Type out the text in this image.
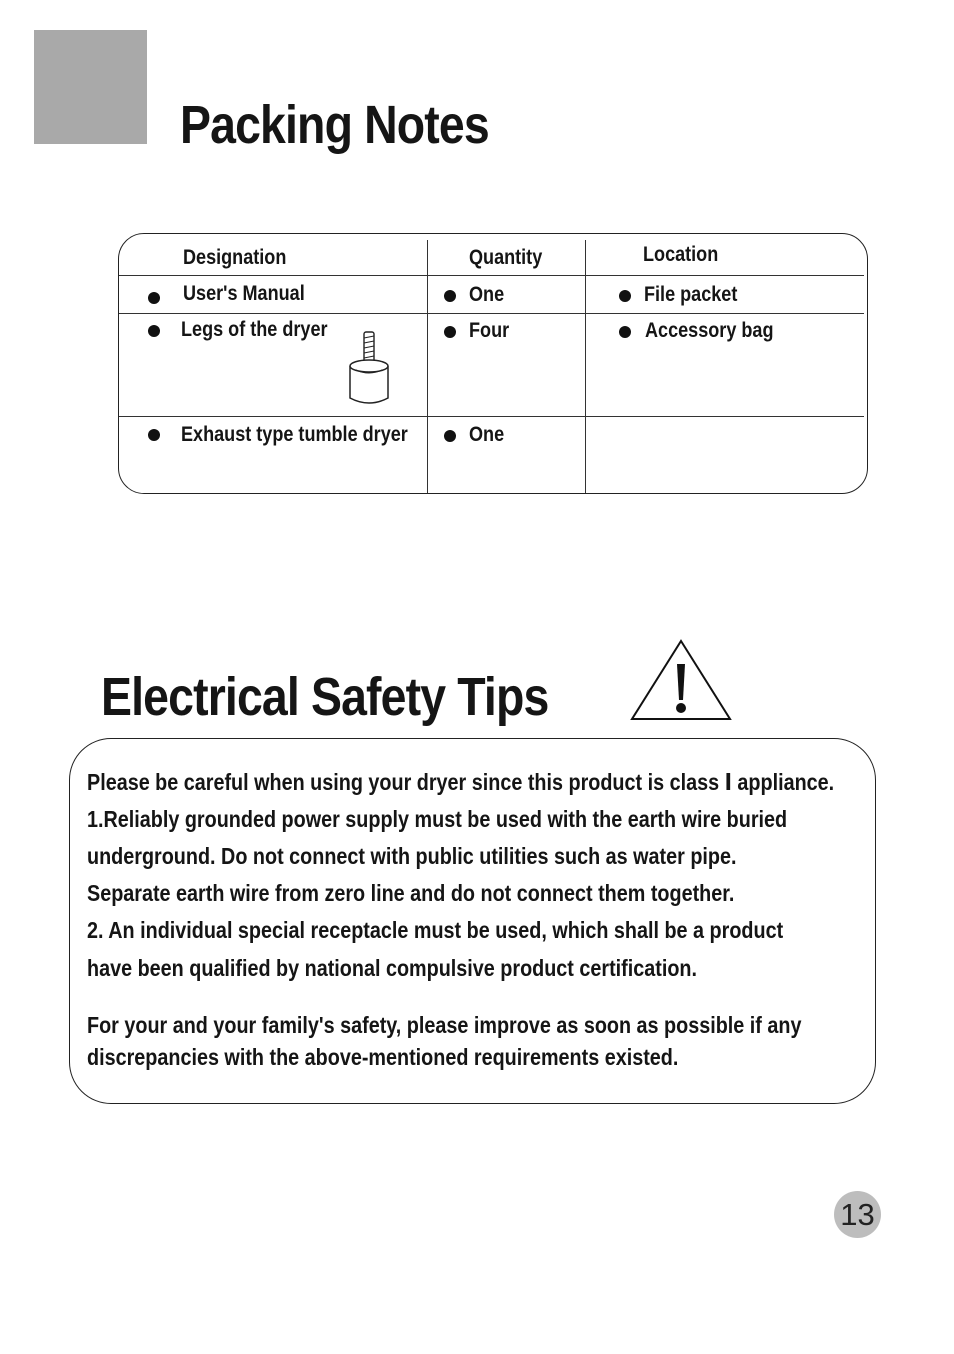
Packing Notes
Designation	Quantity	Location
User's Manual	One	File packet
Legs of the dryer	Four	Accessory bag
Exhaust type tumble dryer	One
Electrical Safety Tips

Please be careful when using your dryer since this product is class Ⅰ appliance.

1.Reliably grounded power supply must be used with the earth wire buried

underground. Do not connect with public utilities such as water pipe.

Separate earth wire from zero line and do not connect them together.

2. An individual special receptacle must be used, which shall be a product

have been qualified by national compulsive product certification.

For your and your family's safety, please improve as soon as possible if any

discrepancies with the above-mentioned requirements existed.

13
